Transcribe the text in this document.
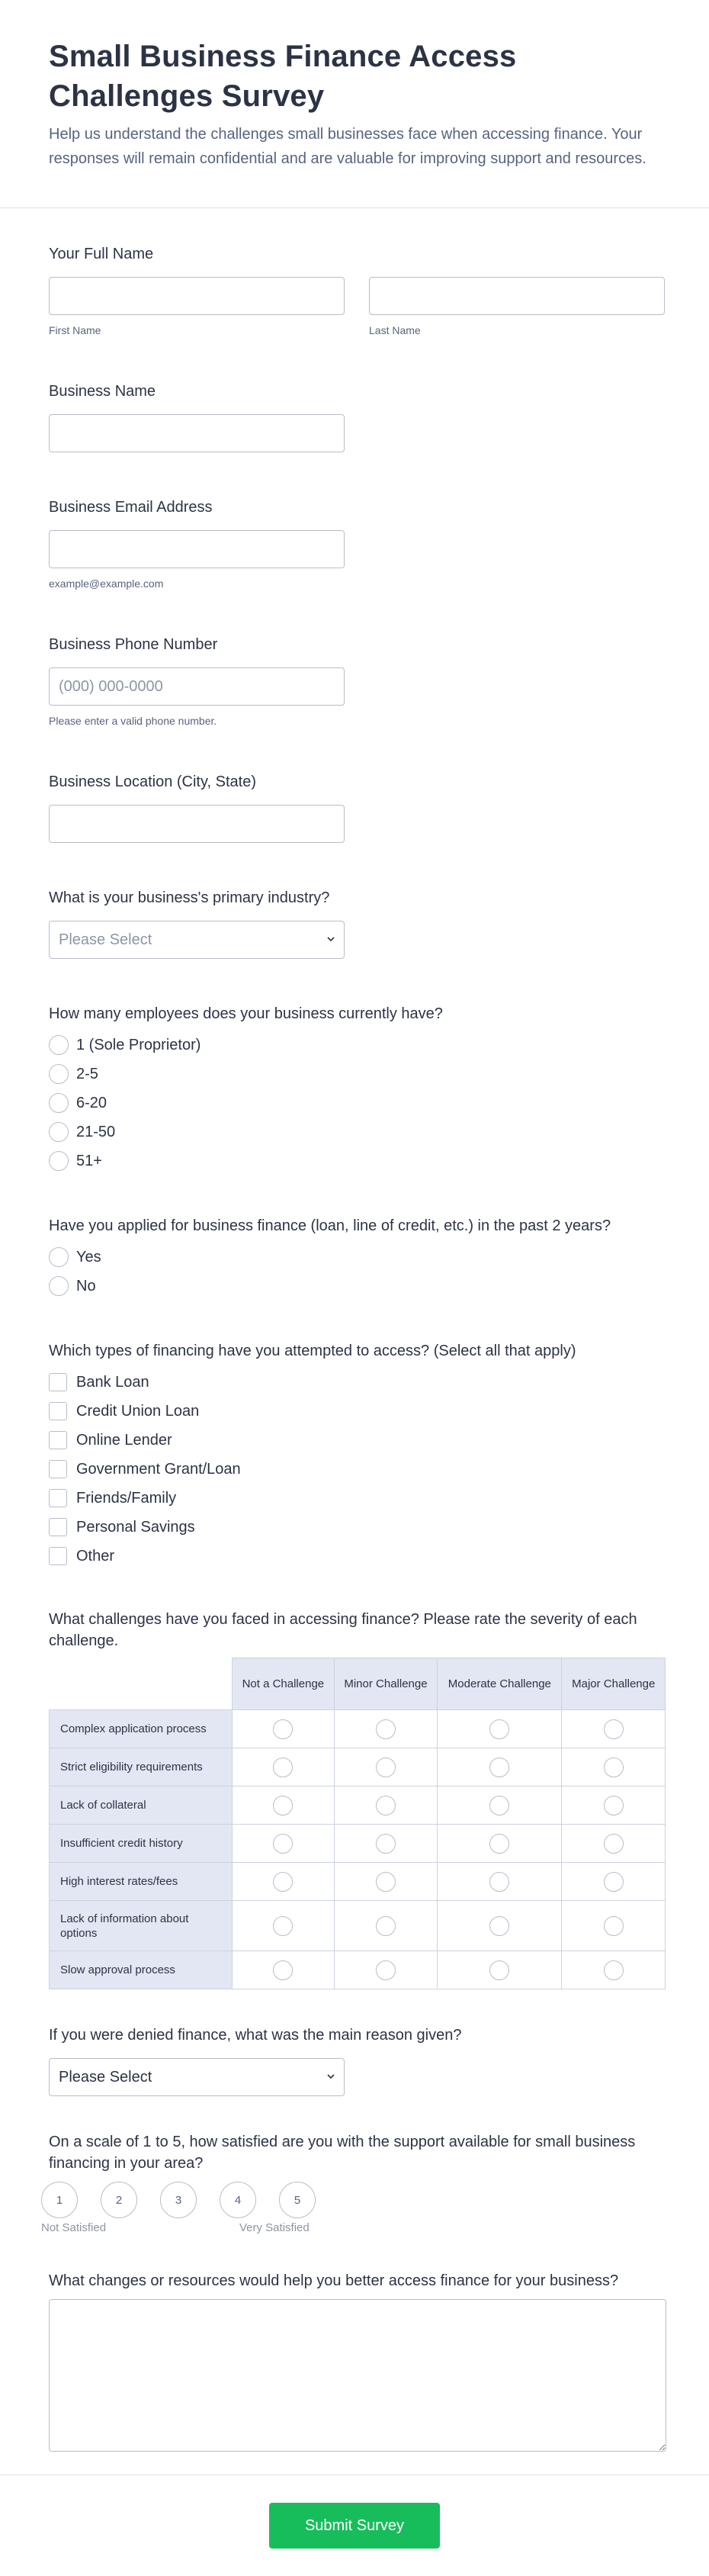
Small Business Finance Access Challenges Survey

Help us understand the challenges small businesses face when accessing finance. Your responses will remain confidential and are valuable for improving support and resources.

Your Full Name
First Name	Last Name
Business Name
Business Email Address
example@example.com
Business Phone Number
(000) 000-0000
Please enter a valid phone number.
Business Location (City, State)
What is your business's primary industry?
Please Select
How many employees does your business currently have?
1 (Sole Proprietor)
2-5
6-20
21-50
51+
Have you applied for business finance (loan, line of credit, etc.) in the past 2 years?
Yes
No
Which types of financing have you attempted to access? (Select all that apply)
Bank Loan
Credit Union Loan
Online Lender
Government Grant/Loan
Friends/Family
Personal Savings
Other
What challenges have you faced in accessing finance? Please rate the severity of each challenge.
	Not a Challenge	Minor Challenge	Moderate Challenge	Major Challenge
Complex application process				
Strict eligibility requirements				
Lack of collateral				
Insufficient credit history				
High interest rates/fees				
Lack of information about options				
Slow approval process				
If you were denied finance, what was the main reason given?
Please Select
On a scale of 1 to 5, how satisfied are you with the support available for small business financing in your area?
1	2	3	4	5
Not Satisfied	Very Satisfied
What changes or resources would help you better access finance for your business?
Submit Survey
